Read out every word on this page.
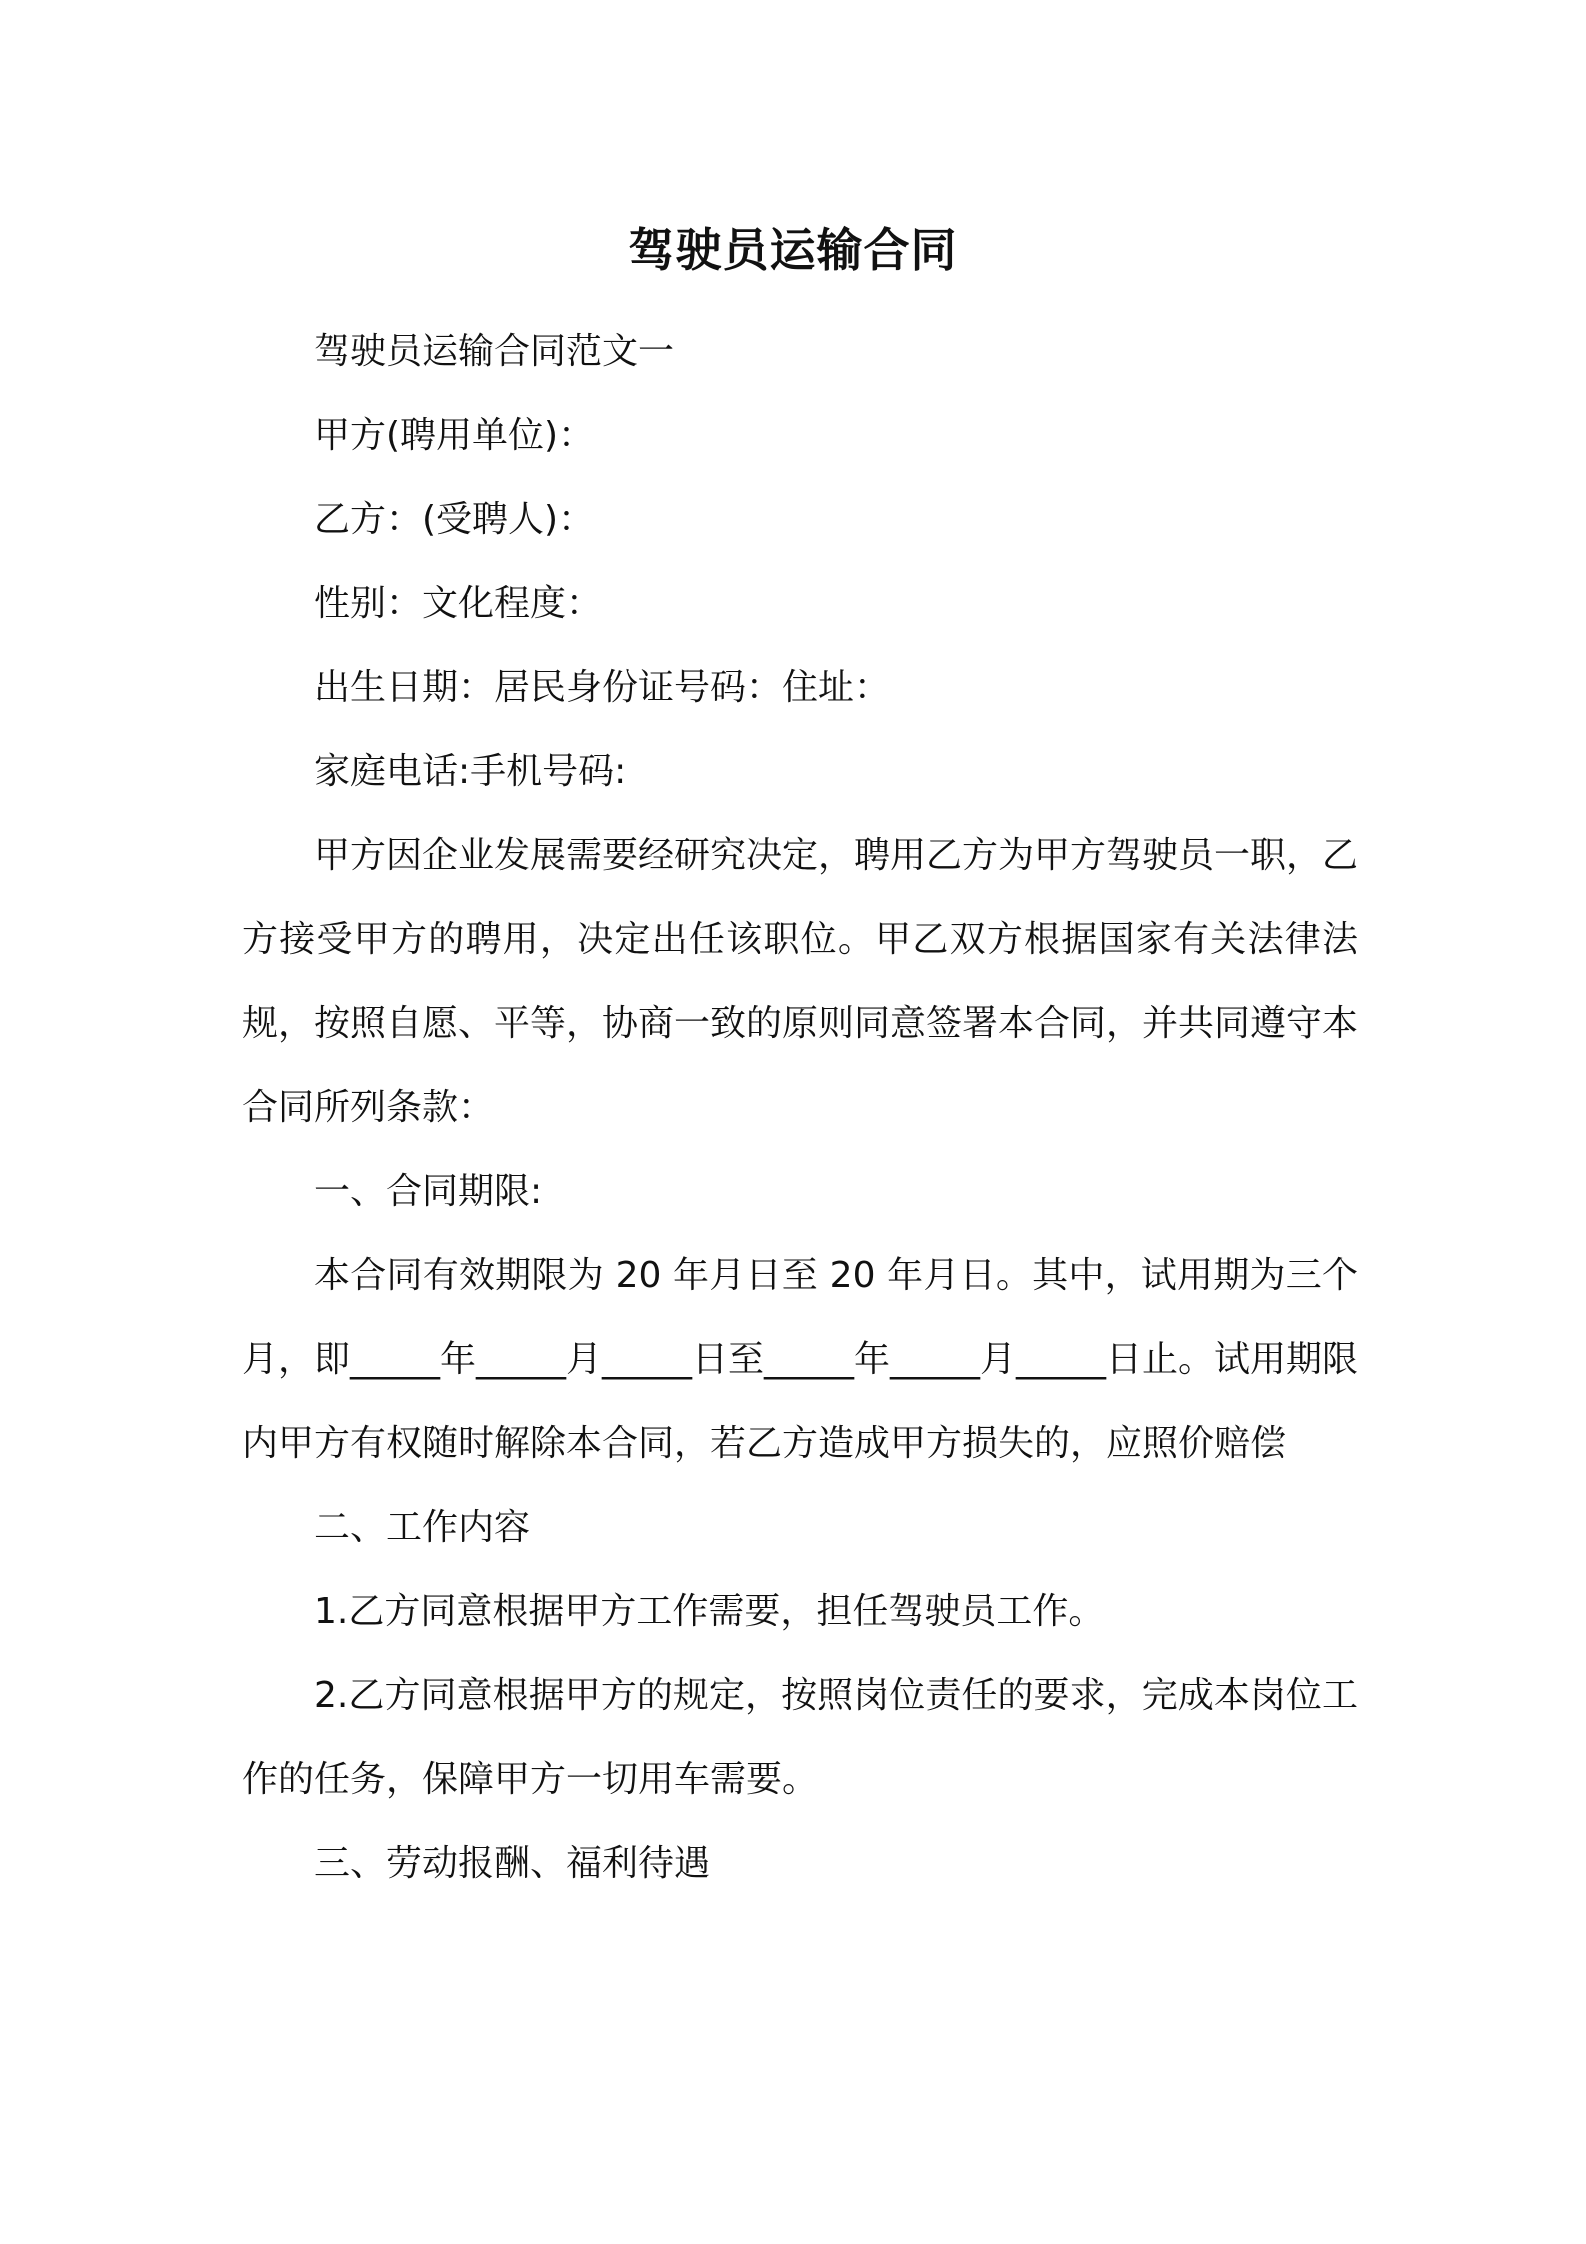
驾驶员运输合同

驾驶员运输合同范文一

甲方(聘用单位)：

乙方：(受聘人)：

性别：文化程度：

出生日期：居民身份证号码：住址：

家庭电话:手机号码:

甲方因企业发展需要经研究决定，聘用乙方为甲方驾驶员一职，乙方接受甲方的聘用，决定出任该职位。甲乙双方根据国家有关法律法规，按照自愿、平等，协商一致的原则同意签署本合同，并共同遵守本合同所列条款：

一、合同期限:

本合同有效期限为 20 年月日至 20 年月日。其中，试用期为三个月，即_____年_____月_____日至_____年_____月_____日止。试用期限内甲方有权随时解除本合同，若乙方造成甲方损失的，应照价赔偿

二、工作内容

1.乙方同意根据甲方工作需要，担任驾驶员工作。

2.乙方同意根据甲方的规定，按照岗位责任的要求，完成本岗位工作的任务，保障甲方一切用车需要。

三、劳动报酬、福利待遇
